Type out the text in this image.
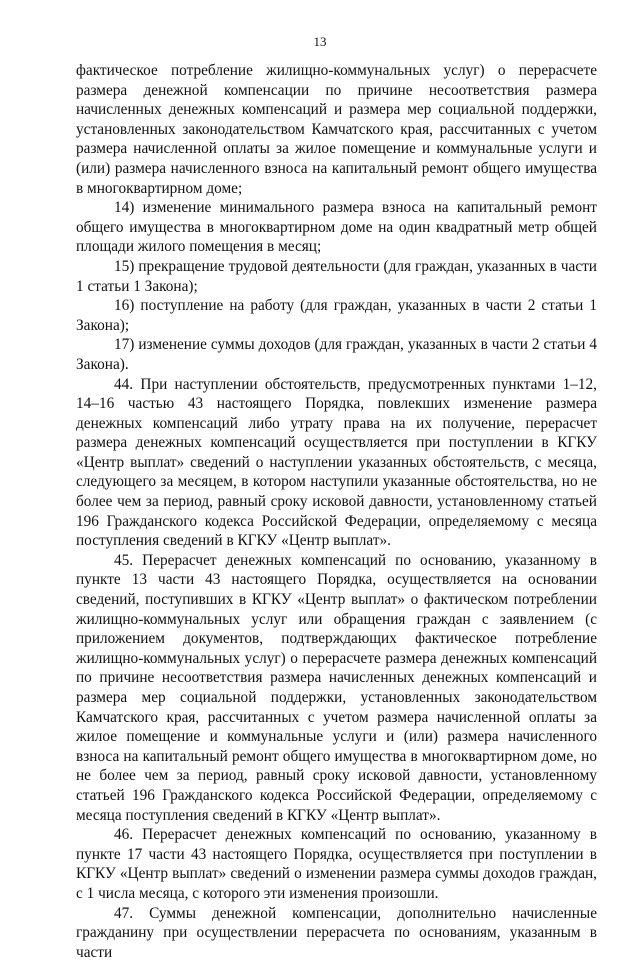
13

фактическое потребление жилищно-коммунальных услуг) о перерасчете размера денежной компенсации по причине несоответствия размера начисленных денежных компенсаций и размера мер социальной поддержки, установленных законодательством Камчатского края, рассчитанных с учетом размера начисленной оплаты за жилое помещение и коммунальные услуги и (или) размера начисленного взноса на капитальный ремонт общего имущества в многоквартирном доме;

14) изменение минимального размера взноса на капитальный ремонт общего имущества в многоквартирном доме на один квадратный метр общей площади жилого помещения в месяц;

15) прекращение трудовой деятельности (для граждан, указанных в части 1 статьи 1 Закона);

16) поступление на работу (для граждан, указанных в части 2 статьи 1 Закона);

17) изменение суммы доходов (для граждан, указанных в части 2 статьи 4 Закона).

44. При наступлении обстоятельств, предусмотренных пунктами 1–12, 14–16 частью 43 настоящего Порядка, повлекших изменение размера денежных компенсаций либо утрату права на их получение, перерасчет размера денежных компенсаций осуществляется при поступлении в КГКУ «Центр выплат» сведений о наступлении указанных обстоятельств, с месяца, следующего за месяцем, в котором наступили указанные обстоятельства, но не более чем за период, равный сроку исковой давности, установленному статьей 196 Гражданского кодекса Российской Федерации, определяемому с месяца поступления сведений в КГКУ «Центр выплат».

45. Перерасчет денежных компенсаций по основанию, указанному в пункте 13 части 43 настоящего Порядка, осуществляется на основании сведений, поступивших в КГКУ «Центр выплат» о фактическом потреблении жилищно-коммунальных услуг или обращения граждан с заявлением (с приложением документов, подтверждающих фактическое потребление жилищно-коммунальных услуг) о перерасчете размера денежных компенсаций по причине несоответствия размера начисленных денежных компенсаций и размера мер социальной поддержки, установленных законодательством Камчатского края, рассчитанных с учетом размера начисленной оплаты за жилое помещение и коммунальные услуги и (или) размера начисленного взноса на капитальный ремонт общего имущества в многоквартирном доме, но не более чем за период, равный сроку исковой давности, установленному статьей 196 Гражданского кодекса Российской Федерации, определяемому с месяца поступления сведений в КГКУ «Центр выплат».

46. Перерасчет денежных компенсаций по основанию, указанному в пункте 17 части 43 настоящего Порядка, осуществляется при поступлении в КГКУ «Центр выплат» сведений о изменении размера суммы доходов граждан, с 1 числа месяца, с которого эти изменения произошли.

47. Суммы денежной компенсации, дополнительно начисленные гражданину при осуществлении перерасчета по основаниям, указанным в части
